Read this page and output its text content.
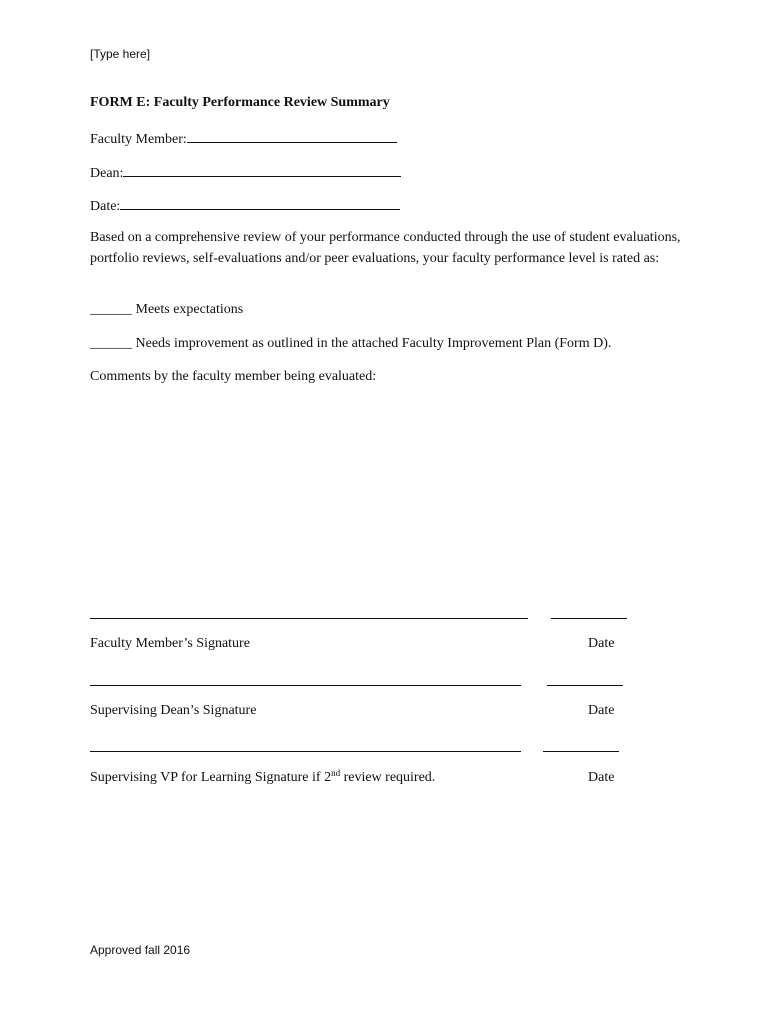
[Type here]
FORM E: Faculty Performance Review Summary
Faculty Member:
Dean:
Date:
Based on a comprehensive review of your performance conducted through the use of student evaluations, portfolio reviews, self-evaluations and/or peer evaluations, your faculty performance level is rated as:
______ Meets expectations
______ Needs improvement as outlined in the attached Faculty Improvement Plan (Form D).
Comments by the faculty member being evaluated:
Faculty Member’s Signature	Date
Supervising Dean’s Signature	Date
Supervising VP for Learning Signature if 2nd review required.	Date
Approved fall 2016
